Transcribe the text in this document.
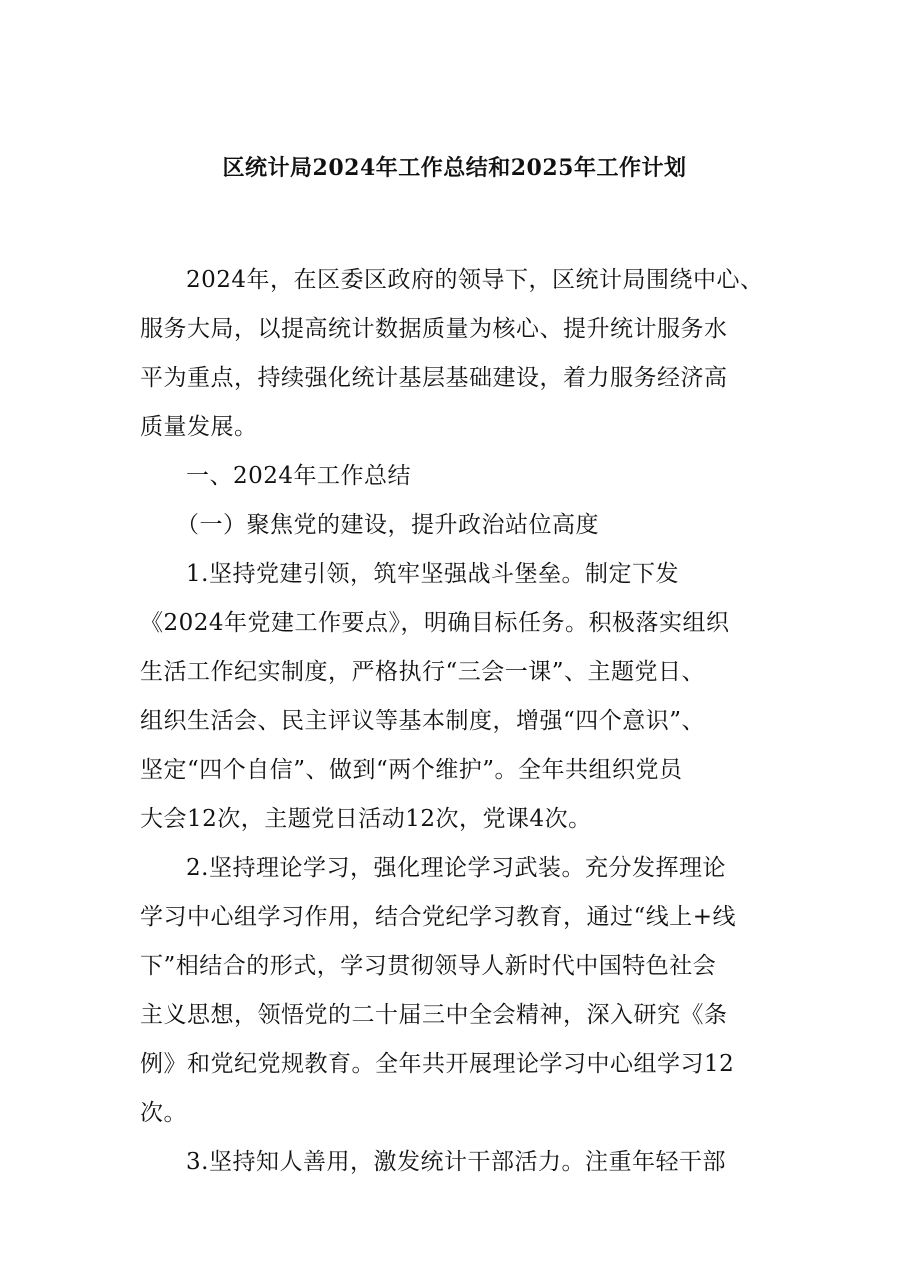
区统计局2024年工作总结和2025年工作计划
2024年，在区委区政府的领导下，区统计局围绕中心、
服务大局，以提高统计数据质量为核心、提升统计服务水
平为重点，持续强化统计基层基础建设，着力服务经济高
质量发展。
一、2024年工作总结
（一）聚焦党的建设，提升政治站位高度
1.坚持党建引领，筑牢坚强战斗堡垒。制定下发
《2024年党建工作要点》，明确目标任务。积极落实组织
生活工作纪实制度，严格执行“三会一课”、主题党日、
组织生活会、民主评议等基本制度，增强“四个意识”、
坚定“四个自信”、做到“两个维护”。全年共组织党员
大会12次，主题党日活动12次，党课4次。
2.坚持理论学习，强化理论学习武装。充分发挥理论
学习中心组学习作用，结合党纪学习教育，通过“线上+线
下”相结合的形式，学习贯彻领导人新时代中国特色社会
主义思想，领悟党的二十届三中全会精神，深入研究《条
例》和党纪党规教育。全年共开展理论学习中心组学习12
次。
3.坚持知人善用，激发统计干部活力。注重年轻干部
